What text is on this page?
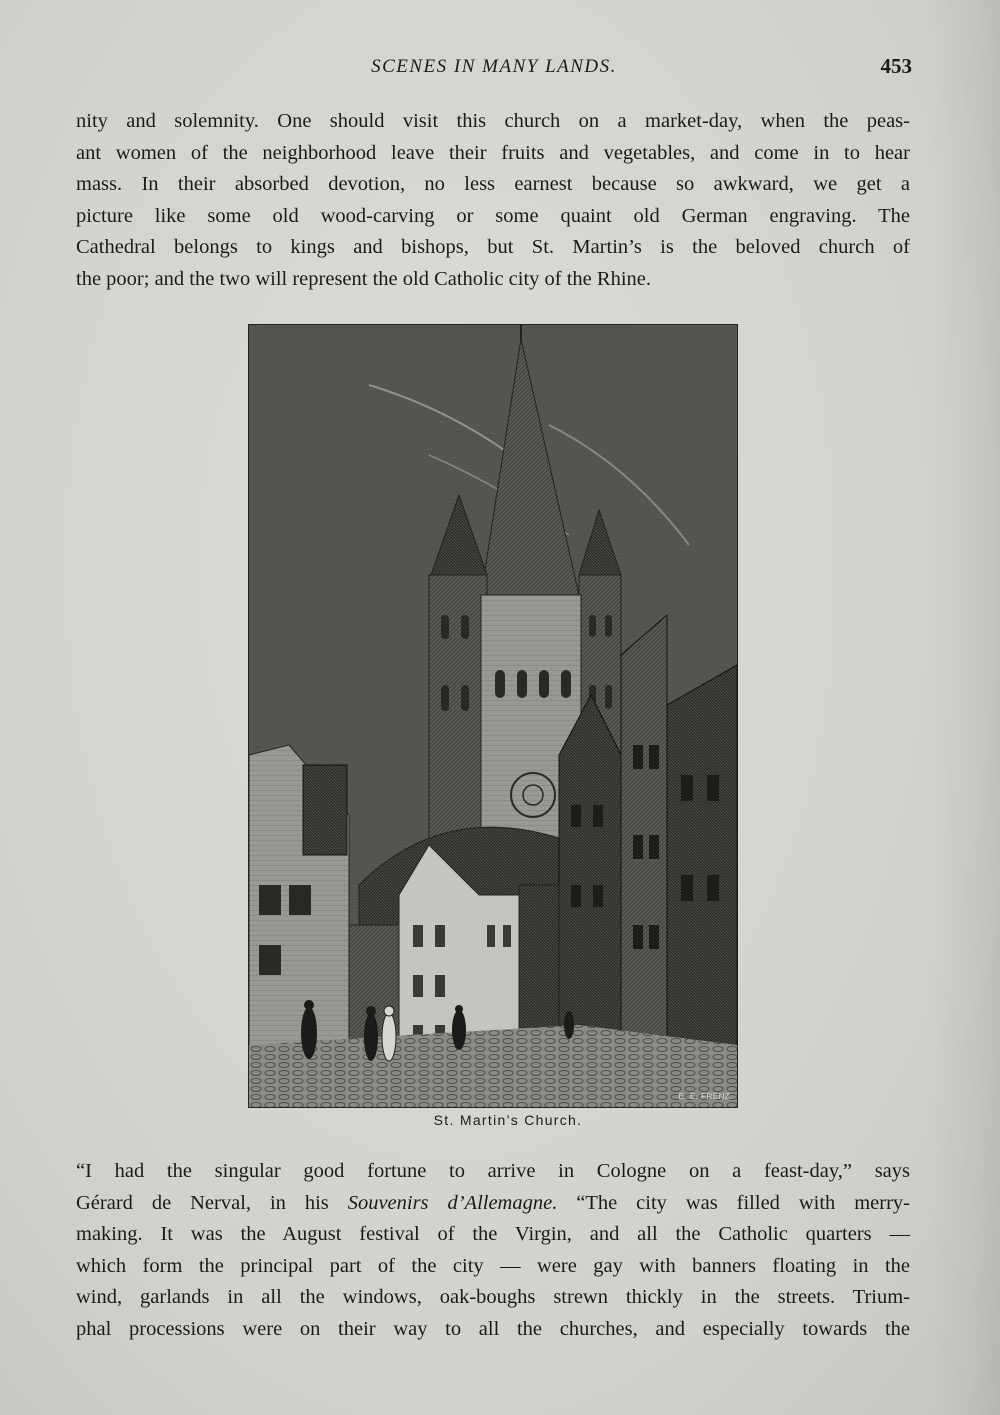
SCENES IN MANY LANDS.	453
nity and solemnity. One should visit this church on a market-day, when the peas-
ant women of the neighborhood leave their fruits and vegetables, and come in to hear
mass. In their absorbed devotion, no less earnest because so awkward, we get a
picture like some old wood-carving or some quaint old German engraving. The
Cathedral belongs to kings and bishops, but St. Martin’s is the beloved church of
the poor; and the two will represent the old Catholic city of the Rhine.
E. E. FRENZ.
St. Martin’s Church.
“I had the singular good fortune to arrive in Cologne on a feast-day,” says
Gérard de Nerval, in his Souvenirs d’Allemagne. “The city was filled with merry-
making. It was the August festival of the Virgin, and all the Catholic quarters —
which form the principal part of the city — were gay with banners floating in the
wind, garlands in all the windows, oak-boughs strewn thickly in the streets. Trium-
phal processions were on their way to all the churches, and especially towards the
